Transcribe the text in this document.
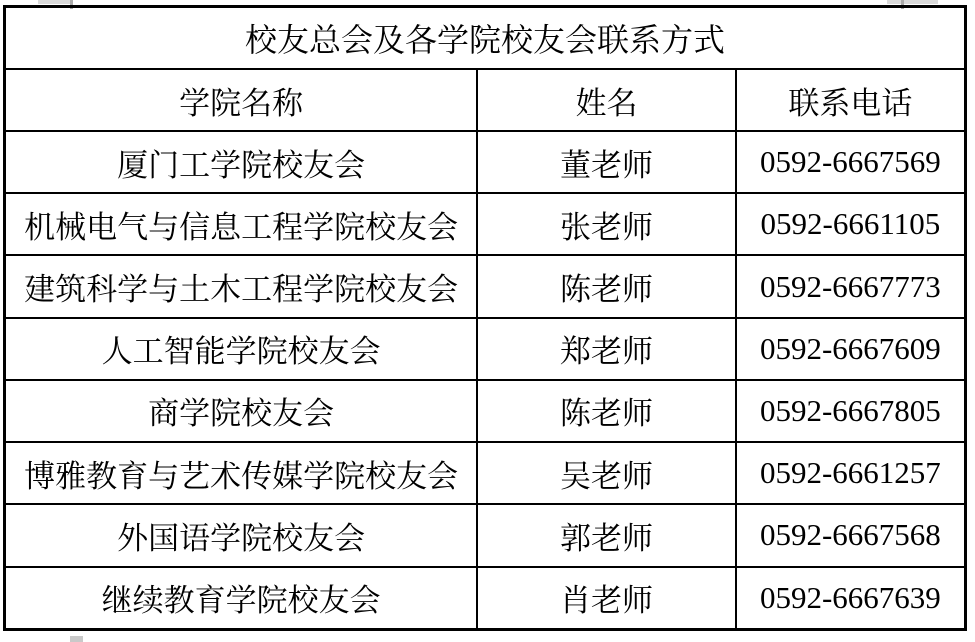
校友总会及各学院校友会联系方式		
学院名称	姓名	联系电话
厦门工学院校友会	董老师	0592-6667569
机械电气与信息工程学院校友会	张老师	0592-6661105
建筑科学与土木工程学院校友会	陈老师	0592-6667773
人工智能学院校友会	郑老师	0592-6667609
商学院校友会	陈老师	0592-6667805
博雅教育与艺术传媒学院校友会	吴老师	0592-6661257
外国语学院校友会	郭老师	0592-6667568
继续教育学院校友会	肖老师	0592-6667639
